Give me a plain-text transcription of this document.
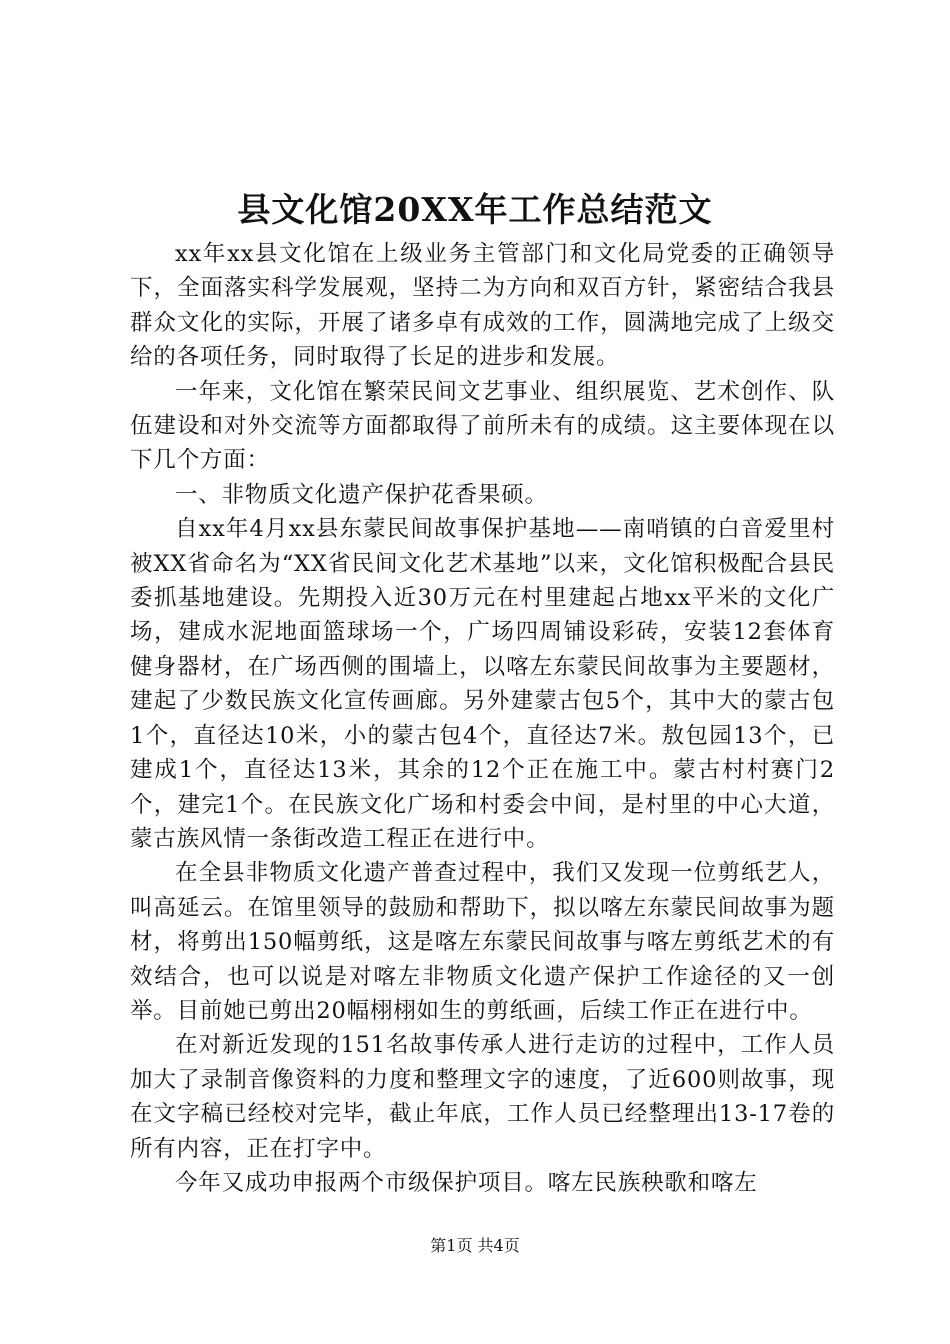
县文化馆20XX年工作总结范文

xx年xx县文化馆在上级业务主管部门和文化局党委的正确领导下，全面落实科学发展观，坚持二为方向和双百方针，紧密结合我县群众文化的实际，开展了诸多卓有成效的工作，圆满地完成了上级交给的各项任务，同时取得了长足的进步和发展。

一年来，文化馆在繁荣民间文艺事业、组织展览、艺术创作、队伍建设和对外交流等方面都取得了前所未有的成绩。这主要体现在以下几个方面：

一、非物质文化遗产保护花香果硕。

自xx年4月xx县东蒙民间故事保护基地——南哨镇的白音爱里村被XX省命名为“XX省民间文化艺术基地”以来，文化馆积极配合县民委抓基地建设。先期投入近30万元在村里建起占地xx平米的文化广场，建成水泥地面篮球场一个，广场四周铺设彩砖，安装12套体育健身器材，在广场西侧的围墙上，以喀左东蒙民间故事为主要题材，建起了少数民族文化宣传画廊。另外建蒙古包5个，其中大的蒙古包1个，直径达10米，小的蒙古包4个，直径达7米。敖包园13个，已建成1个，直径达13米，其余的12个正在施工中。蒙古村村赛门2个，建完1个。在民族文化广场和村委会中间，是村里的中心大道，蒙古族风情一条街改造工程正在进行中。

在全县非物质文化遗产普查过程中，我们又发现一位剪纸艺人，叫高延云。在馆里领导的鼓励和帮助下，拟以喀左东蒙民间故事为题材，将剪出150幅剪纸，这是喀左东蒙民间故事与喀左剪纸艺术的有效结合，也可以说是对喀左非物质文化遗产保护工作途径的又一创举。目前她已剪出20幅栩栩如生的剪纸画，后续工作正在进行中。

在对新近发现的151名故事传承人进行走访的过程中，工作人员加大了录制音像资料的力度和整理文字的速度，了近600则故事，现在文字稿已经校对完毕，截止年底，工作人员已经整理出13-17卷的所有内容，正在打字中。

今年又成功申报两个市级保护项目。喀左民族秧歌和喀左

第1页 共4页
